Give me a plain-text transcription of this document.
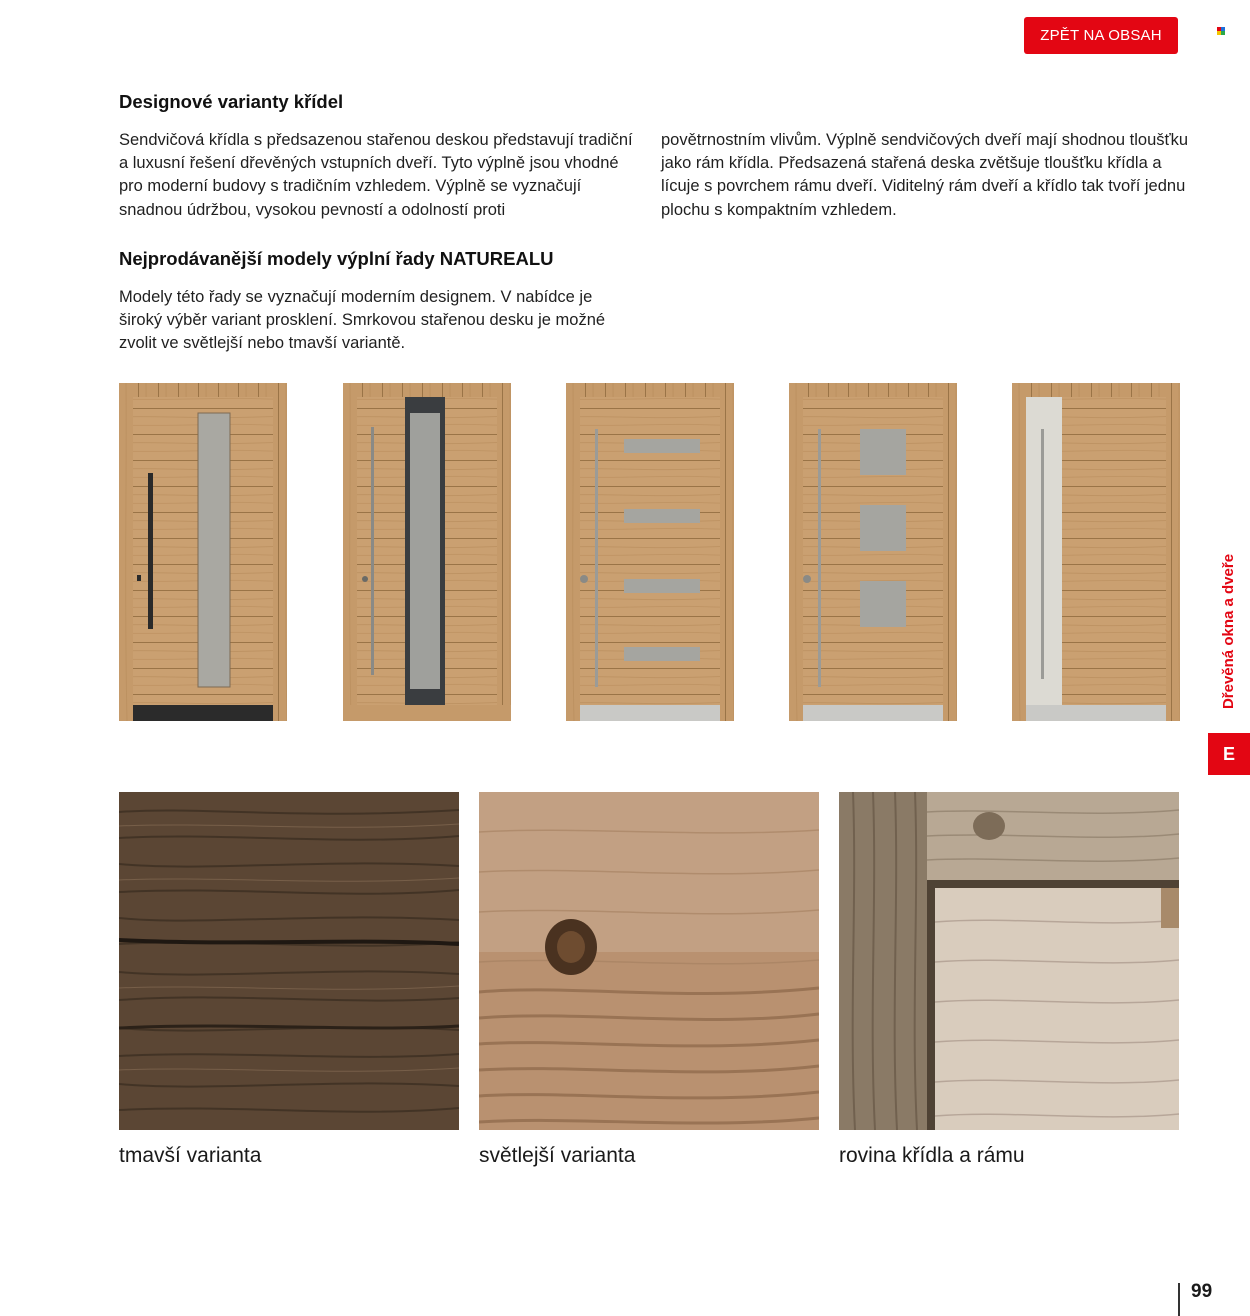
ZPĚT NA OBSAH
Designové varianty křídel

Sendvičová křídla s předsazenou stařenou deskou představují tradiční a luxusní řešení dřevěných vstupních dveří. Tyto výplně jsou vhodné pro moderní budovy s tradičním vzhledem. Výplně se vyznačují snadnou údržbou, vysokou pevností a odolností proti

povětrnostním vlivům. Výplně sendvičových dveří mají shodnou tloušťku jako rám křídla. Předsazená stařená deska zvětšuje tloušťku křídla a lícuje s povrchem rámu dveří. Viditelný rám dveří a křídlo tak tvoří jednu plochu s kompaktním vzhledem.

Nejprodávanější modely výplní řady NATUREALU

Modely této řady se vyznačují moderním designem. V nabídce je široký výběr variant prosklení. Smrkovou stařenou desku je možné zvolit ve světlejší nebo tmavší variantě.

tmavší varianta	světlejší varianta	rovina křídla a rámu
Dřevěná okna a dveře
E
99
